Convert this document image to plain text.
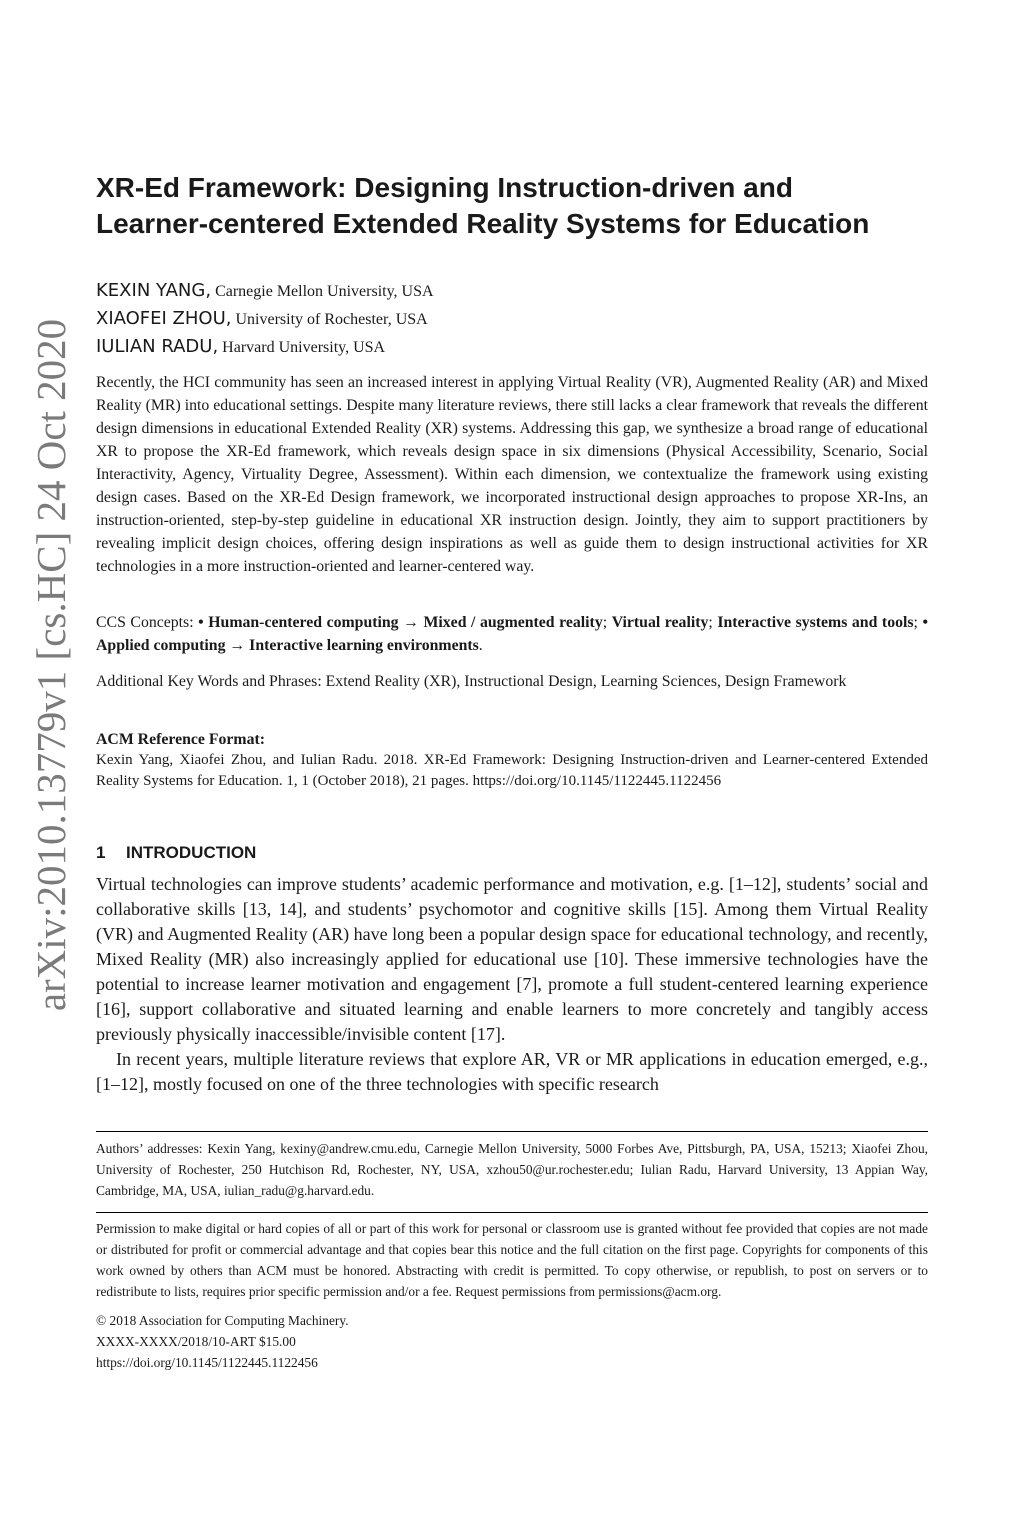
arXiv:2010.13779v1 [cs.HC] 24 Oct 2020
XR-Ed Framework: Designing Instruction-driven and
Learner-centered Extended Reality Systems for Education
KEXIN YANG, Carnegie Mellon University, USA
XIAOFEI ZHOU, University of Rochester, USA
IULIAN RADU, Harvard University, USA

Recently, the HCI community has seen an increased interest in applying Virtual Reality (VR), Augmented Reality (AR) and Mixed Reality (MR) into educational settings. Despite many literature reviews, there still lacks a clear framework that reveals the different design dimensions in educational Extended Reality (XR) systems. Addressing this gap, we synthesize a broad range of educational XR to propose the XR-Ed framework, which reveals design space in six dimensions (Physical Accessibility, Scenario, Social Interactivity, Agency, Virtuality Degree, Assessment). Within each dimension, we contextualize the framework using existing design cases. Based on the XR-Ed Design framework, we incorporated instructional design approaches to propose XR-Ins, an instruction-oriented, step-by-step guideline in educational XR instruction design. Jointly, they aim to support practitioners by revealing implicit design choices, offering design inspirations as well as guide them to design instructional activities for XR technologies in a more instruction-oriented and learner-centered way.

CCS Concepts: • Human-centered computing → Mixed / augmented reality; Virtual reality; Interactive systems and tools; • Applied computing → Interactive learning environments.

Additional Key Words and Phrases: Extend Reality (XR), Instructional Design, Learning Sciences, Design Framework

ACM Reference Format:
Kexin Yang, Xiaofei Zhou, and Iulian Radu. 2018. XR-Ed Framework: Designing Instruction-driven and Learner-centered Extended Reality Systems for Education. 1, 1 (October 2018), 21 pages. https://doi.org/10.1145/1122445.1122456
1 INTRODUCTION

Virtual technologies can improve students’ academic performance and motivation, e.g. [1–12], students’ social and collaborative skills [13, 14], and students’ psychomotor and cognitive skills [15]. Among them Virtual Reality (VR) and Augmented Reality (AR) have long been a popular design space for educational technology, and recently, Mixed Reality (MR) also increasingly applied for educational use [10]. These immersive technologies have the potential to increase learner motivation and engagement [7], promote a full student-centered learning experience [16], support collaborative and situated learning and enable learners to more concretely and tangibly access previously physically inaccessible/invisible content [17].

In recent years, multiple literature reviews that explore AR, VR or MR applications in education emerged, e.g., [1–12], mostly focused on one of the three technologies with specific research

Authors’ addresses: Kexin Yang, kexiny@andrew.cmu.edu, Carnegie Mellon University, 5000 Forbes Ave, Pittsburgh, PA, USA, 15213; Xiaofei Zhou, University of Rochester, 250 Hutchison Rd, Rochester, NY, USA, xzhou50@ur.rochester.edu; Iulian Radu, Harvard University, 13 Appian Way, Cambridge, MA, USA, iulian_radu@g.harvard.edu.

Permission to make digital or hard copies of all or part of this work for personal or classroom use is granted without fee provided that copies are not made or distributed for profit or commercial advantage and that copies bear this notice and the full citation on the first page. Copyrights for components of this work owned by others than ACM must be honored. Abstracting with credit is permitted. To copy otherwise, or republish, to post on servers or to redistribute to lists, requires prior specific permission and/or a fee. Request permissions from permissions@acm.org.

© 2018 Association for Computing Machinery.

XXXX-XXXX/2018/10-ART $15.00

https://doi.org/10.1145/1122445.1122456
